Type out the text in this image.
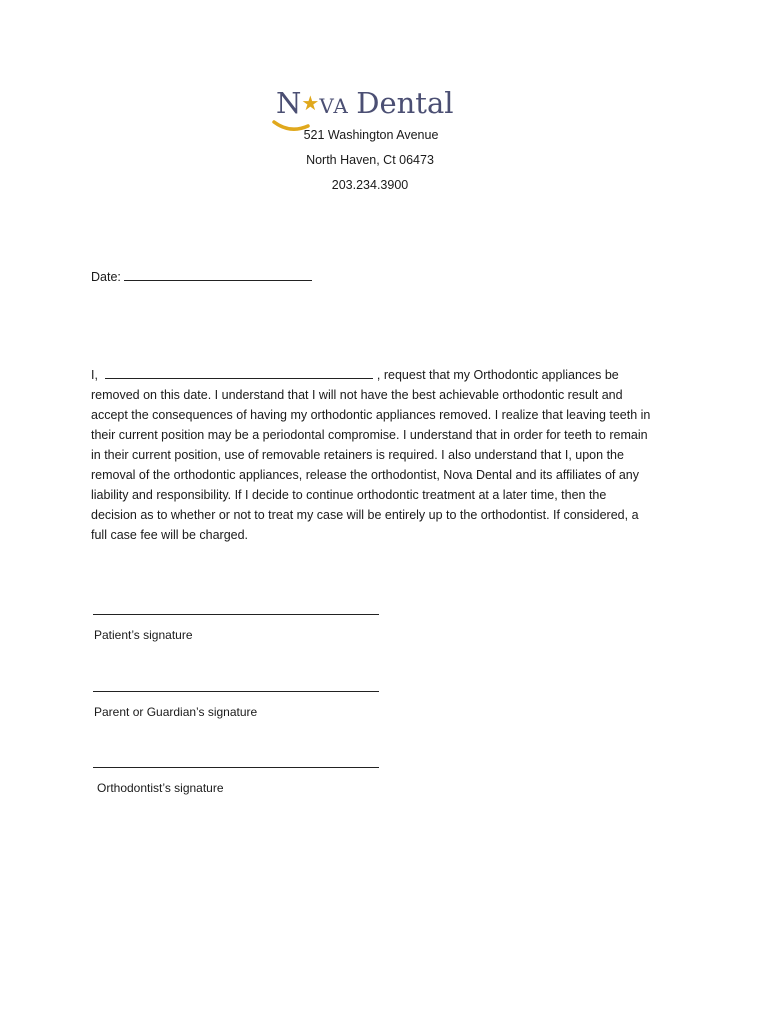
N★VA Dental
521 Washington Avenue
North Haven, Ct 06473
203.234.3900
Date:
I,	, request that my Orthodontic appliances be
removed on this date. I understand that I will not have the best achievable orthodontic result and
accept the consequences of having my orthodontic appliances removed. I realize that leaving teeth in
their current position may be a periodontal compromise. I understand that in order for teeth to remain
in their current position, use of removable retainers is required. I also understand that I, upon the
removal of the orthodontic appliances, release the orthodontist, Nova Dental and its affiliates of any
liability and responsibility. If I decide to continue orthodontic treatment at a later time, then the
decision as to whether or not to treat my case will be entirely up to the orthodontist. If considered, a
full case fee will be charged.
Patient’s signature
Parent or Guardian’s signature
Orthodontist’s signature
